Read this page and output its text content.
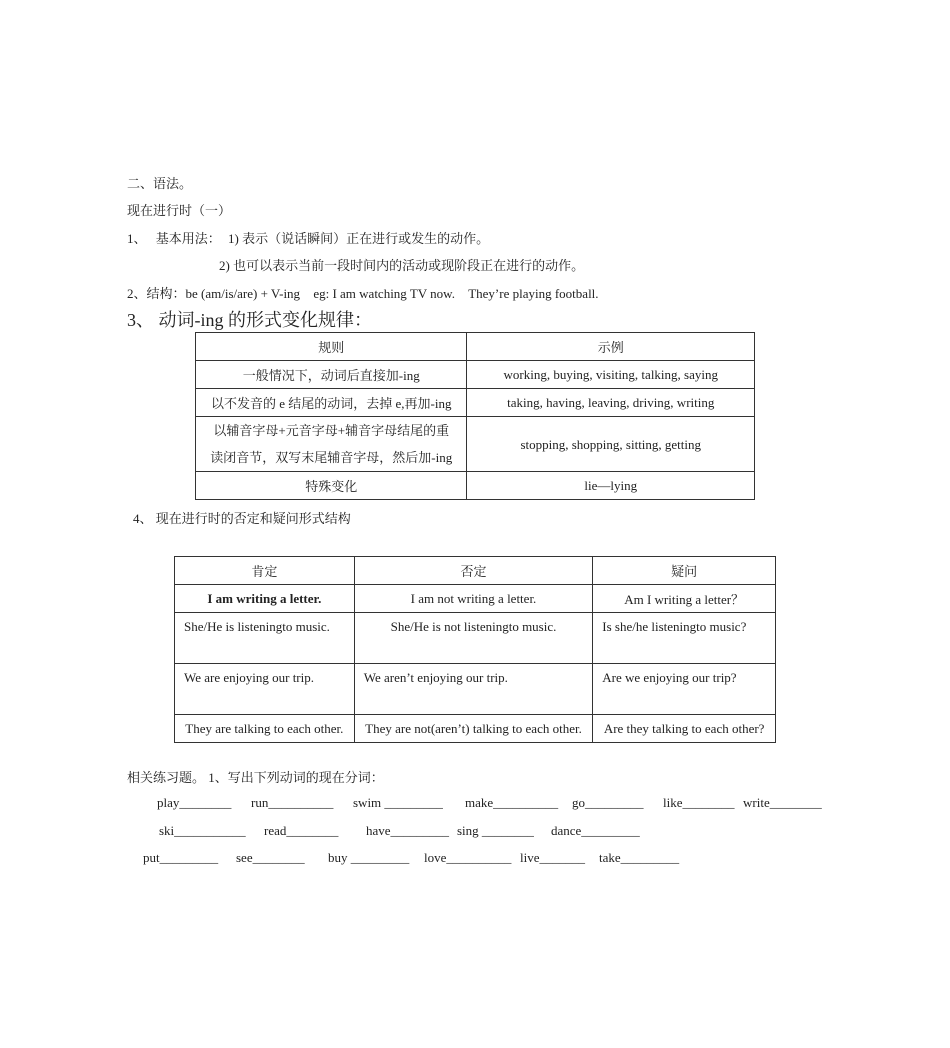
二、语法。
现在进行时（一）
1、 基本用法： 1) 表示（说话瞬间）正在进行或发生的动作。
2) 也可以表示当前一段时间内的活动或现阶段正在进行的动作。
2、结构：be (am/is/are) + V-ing eg: I am watching TV now. They’re playing football.
3、 动词-ing 的形式变化规律：
规则	示例
一般情况下，动词后直接加-ing	working, buying, visiting, talking, saying
以不发音的 e 结尾的动词，去掉 e,再加-ing	taking, having, leaving, driving, writing

以辅音字母+元音字母+辅音字母结尾的重
读闭音节，双写末尾辅音字母，然后加-ing	stopping, shopping, sitting, getting
特殊变化	lie—lying
4、 现在进行时的否定和疑问形式结构
肯定	否定	疑问
I am writing a letter.	I am not writing a letter.	Am I writing a letter？
She/He is listeningto music.	She/He is not listeningto music.	Is she/he listeningto music?
We are enjoying our trip.	We aren’t enjoying our trip.	Are we enjoying our trip?
They are talking to each other.	They are not(aren’t) talking to each other.	Are they talking to each other?
相关练习题。 1、写出下列动词的现在分词：
play________ run__________ swim _________ make__________ go_________ like________ write________
ski___________ read________ have_________ sing ________ dance_________
put_________ see________ buy _________ love__________ live_______ take_________
